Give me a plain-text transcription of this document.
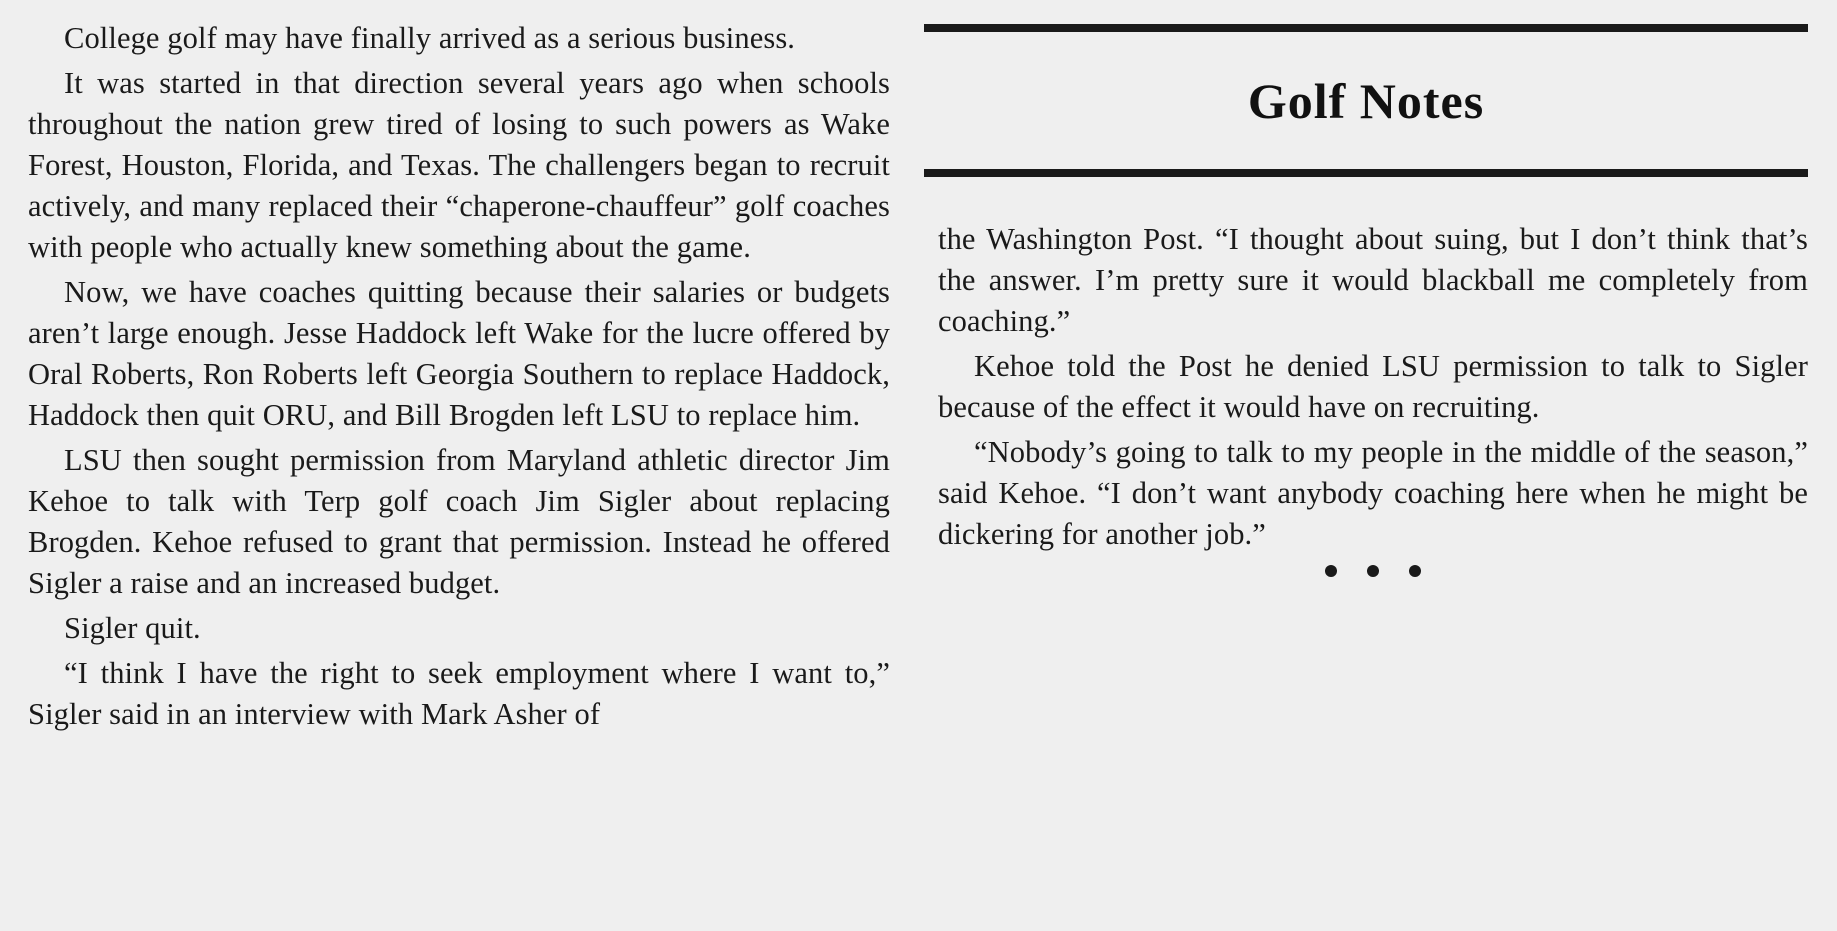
College golf may have finally arrived as a serious business.

It was started in that direction several years ago when schools throughout the nation grew tired of losing to such powers as Wake Forest, Houston, Florida, and Texas. The challengers began to recruit actively, and many replaced their “chaperone-chauffeur” golf coaches with people who actually knew something about the game.

Now, we have coaches quitting because their salaries or budgets aren’t large enough. Jesse Haddock left Wake for the lucre offered by Oral Roberts, Ron Roberts left Georgia Southern to replace Haddock, Haddock then quit ORU, and Bill Brogden left LSU to replace him.

LSU then sought permission from Maryland athletic director Jim Kehoe to talk with Terp golf coach Jim Sigler about replacing Brogden. Kehoe refused to grant that permission. Instead he offered Sigler a raise and an increased budget.

Sigler quit.

“I think I have the right to seek employment where I want to,” Sigler said in an interview with Mark Asher of

Golf Notes

the Washington Post. “I thought about suing, but I don’t think that’s the answer. I’m pretty sure it would blackball me completely from coaching.”

Kehoe told the Post he denied LSU permission to talk to Sigler because of the effect it would have on recruiting.

“Nobody’s going to talk to my people in the middle of the season,” said Kehoe. “I don’t want anybody coaching here when he might be dickering for another job.”
